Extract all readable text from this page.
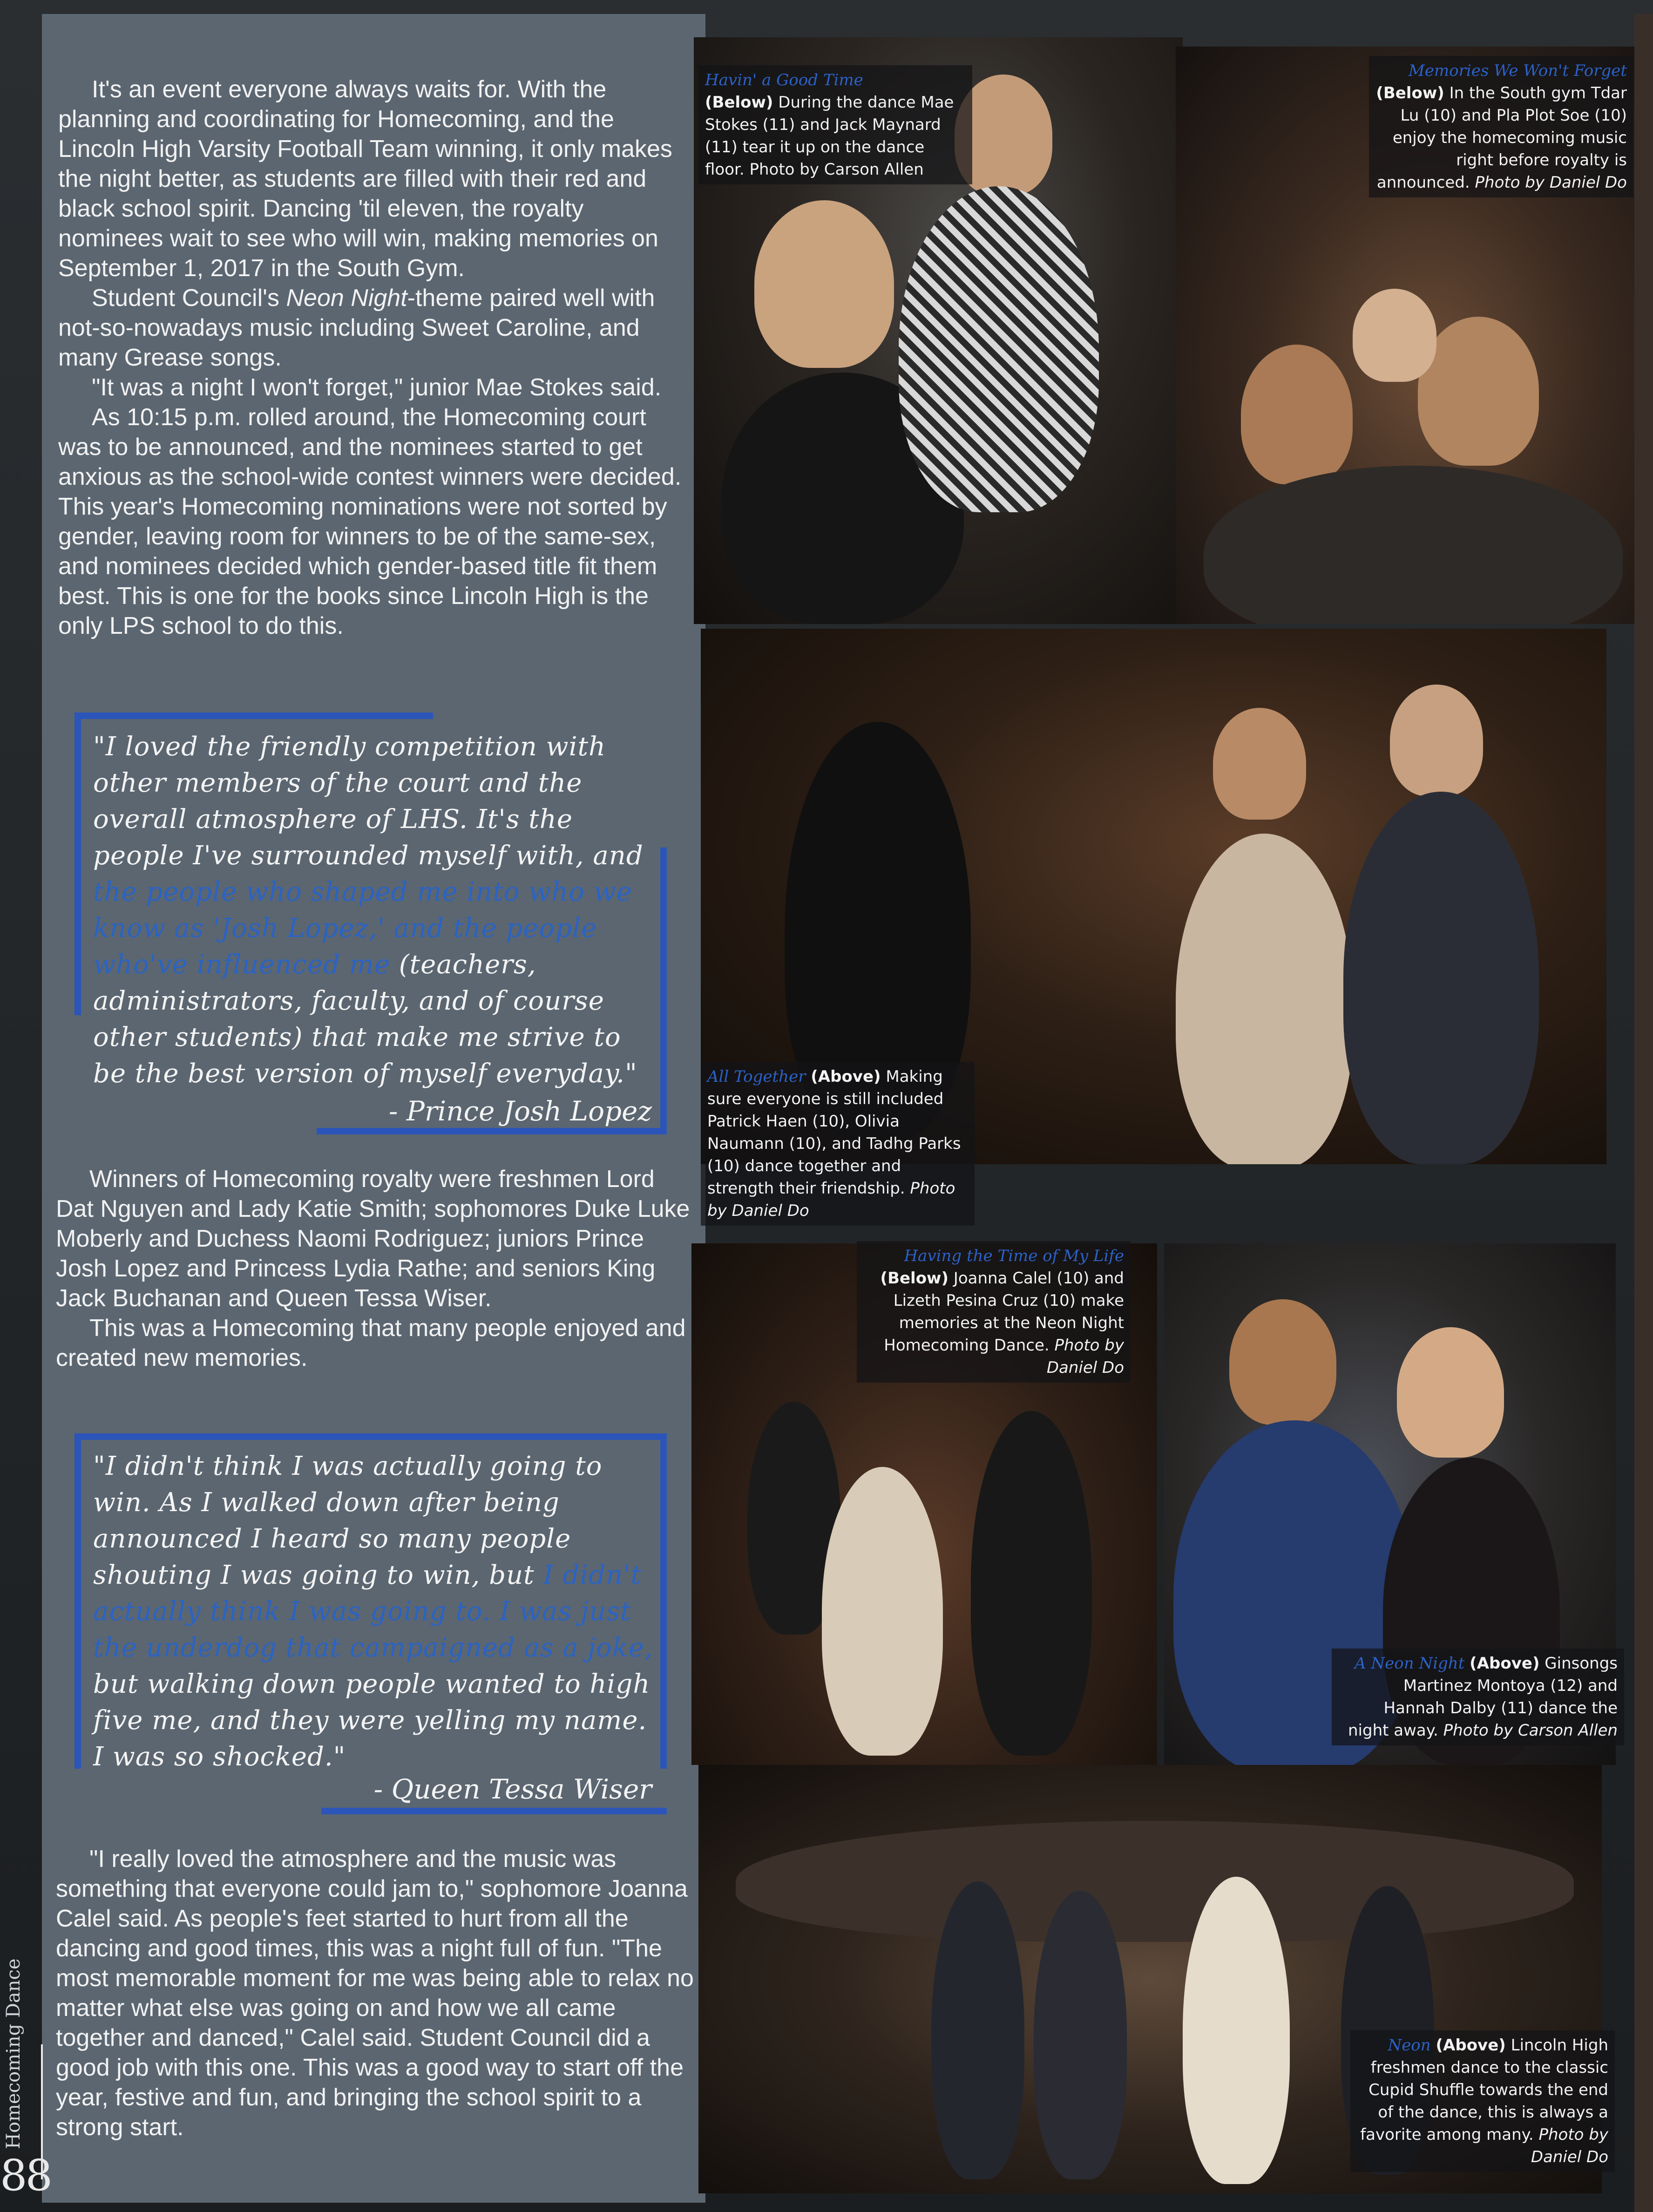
It's an event everyone always waits for. With the planning and coordinating for Homecoming, and the Lincoln High Varsity Football Team winning, it only makes the night better, as students are filled with their red and black school spirit. Dancing 'til eleven, the royalty nominees wait to see who will win, making memories on September 1, 2017 in the South Gym.

Student Council's Neon Night-theme paired well with not-so-nowadays music including Sweet Caroline, and many Grease songs.

"It was a night I won't forget," junior Mae Stokes said.

As 10:15 p.m. rolled around, the Homecoming court was to be announced, and the nominees started to get anxious as the school-wide contest winners were decided. This year's Homecoming nominations were not sorted by gender, leaving room for winners to be of the same-sex, and nominees decided which gender-based title fit them best. This is one for the books since Lincoln High is the only LPS school to do this.

"I loved the friendly competition with other members of the court and the overall atmosphere of LHS. It's the people I've surrounded myself with, and the people who shaped me into who we know as 'Josh Lopez,' and the people who've influenced me (teachers, administrators, faculty, and of course other students) that make me strive to be the best version of myself everyday."
- Prince Josh Lopez

Winners of Homecoming royalty were freshmen Lord Dat Nguyen and Lady Katie Smith; sophomores Duke Luke Moberly and Duchess Naomi Rodriguez; juniors Prince Josh Lopez and Princess Lydia Rathe; and seniors King Jack Buchanan and Queen Tessa Wiser.

This was a Homecoming that many people enjoyed and created new memories.

"I didn't think I was actually going to win. As I walked down after being announced I heard so many people shouting I was going to win, but I didn't actually think I was going to. I was just the underdog that campaigned as a joke, but walking down people wanted to high five me, and they were yelling my name. I was so shocked."
- Queen Tessa Wiser

"I really loved the atmosphere and the music was something that everyone could jam to," sophomore Joanna Calel said. As people's feet started to hurt from all the dancing and good times, this was a night full of fun. "The most memorable moment for me was being able to relax no matter what else was going on and how we all came together and danced," Calel said. Student Council did a good job with this one. This was a good way to start off the year, festive and fun, and bringing the school spirit to a strong start.

Homecoming Dance
88
Havin' a Good Time
(Below) During the dance Mae Stokes (11) and Jack Maynard (11) tear it up on the dance floor. Photo by Carson Allen
Memories We Won't Forget (Below) In the South gym Tdar Lu (10) and Pla Plot Soe (10) enjoy the homecoming music right before royalty is announced. Photo by Daniel Do
All Together (Above) Making sure everyone is still included Patrick Haen (10), Olivia Naumann (10), and Tadhg Parks (10) dance together and strength their friendship. Photo by Daniel Do
Having the Time of My Life
(Below) Joanna Calel (10) and Lizeth Pesina Cruz (10) make memories at the Neon Night Homecoming Dance. Photo by Daniel Do
A Neon Night (Above) Ginsongs Martinez Montoya (12) and Hannah Dalby (11) dance the night away. Photo by Carson Allen
Neon (Above) Lincoln High freshmen dance to the classic Cupid Shuffle towards the end of the dance, this is always a favorite among many. Photo by Daniel Do
